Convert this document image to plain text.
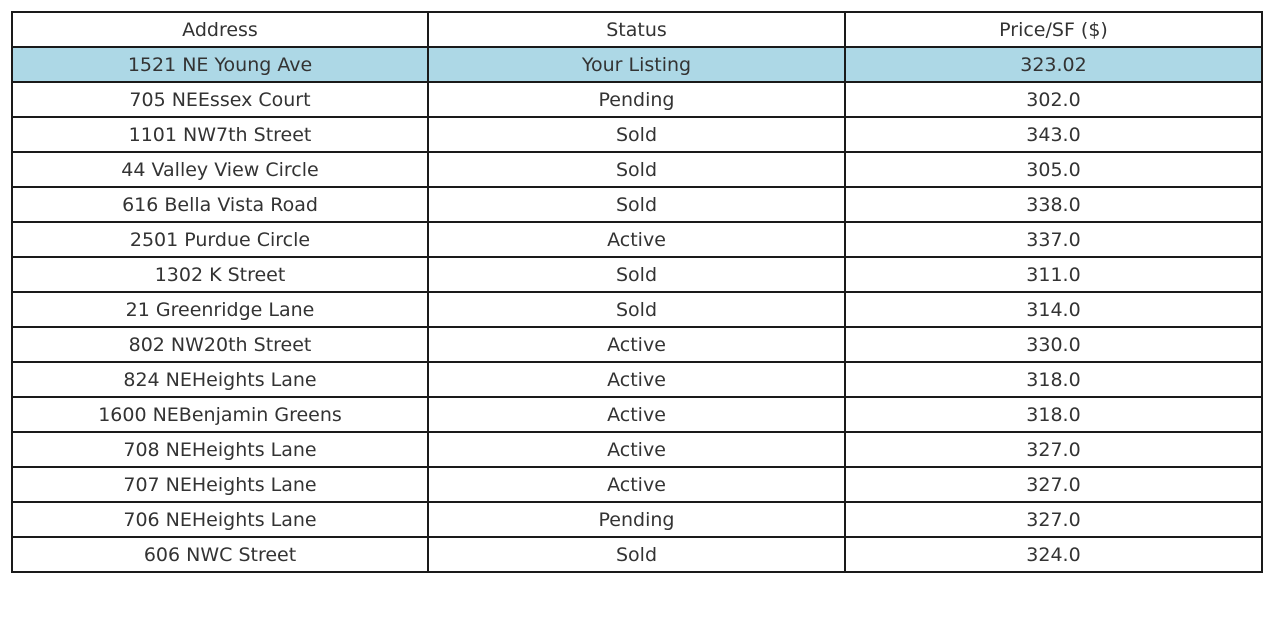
Address	Status	Price/SF ($)
1521 NE Young Ave	Your Listing	323.02
705 NEEssex Court	Pending	302.0
1101 NW7th Street	Sold	343.0
44 Valley View Circle	Sold	305.0
616 Bella Vista Road	Sold	338.0
2501 Purdue Circle	Active	337.0
1302 K Street	Sold	311.0
21 Greenridge Lane	Sold	314.0
802 NW20th Street	Active	330.0
824 NEHeights Lane	Active	318.0
1600 NEBenjamin Greens	Active	318.0
708 NEHeights Lane	Active	327.0
707 NEHeights Lane	Active	327.0
706 NEHeights Lane	Pending	327.0
606 NWC Street	Sold	324.0
